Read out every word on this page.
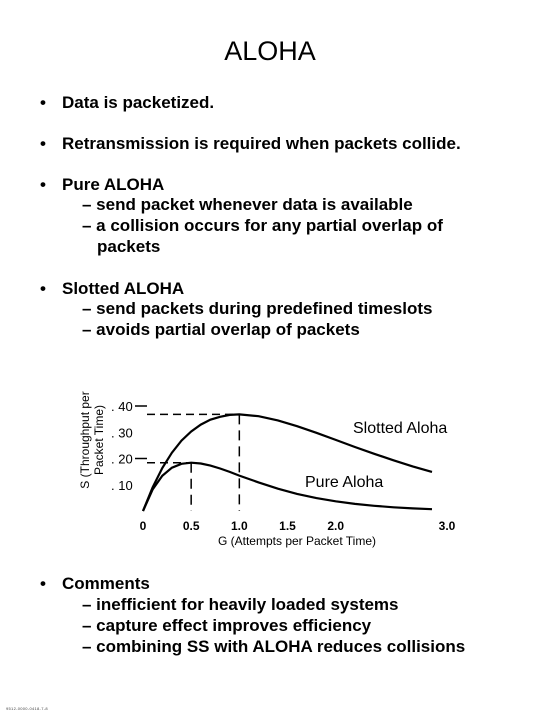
ALOHA
• Data is packetized.
• Retransmission is required when packets collide.
• Pure ALOHA
– send packet whenever data is available
– a collision occurs for any partial overlap of
packets
• Slotted ALOHA
– send packets during predefined timeslots
– avoids partial overlap of packets
S (Throughput per Packet Time) . 40
. 30
. 20
. 10
0	0.5	1.0	1.5	2.0	3.0
Slotted Aloha
Pure Aloha
G (Attempts per Packet Time)
• Comments
– inefficient for heavily loaded systems
– capture effect improves efficiency
– combining SS with ALOHA reduces collisions
9512-0000-0418-7-8
